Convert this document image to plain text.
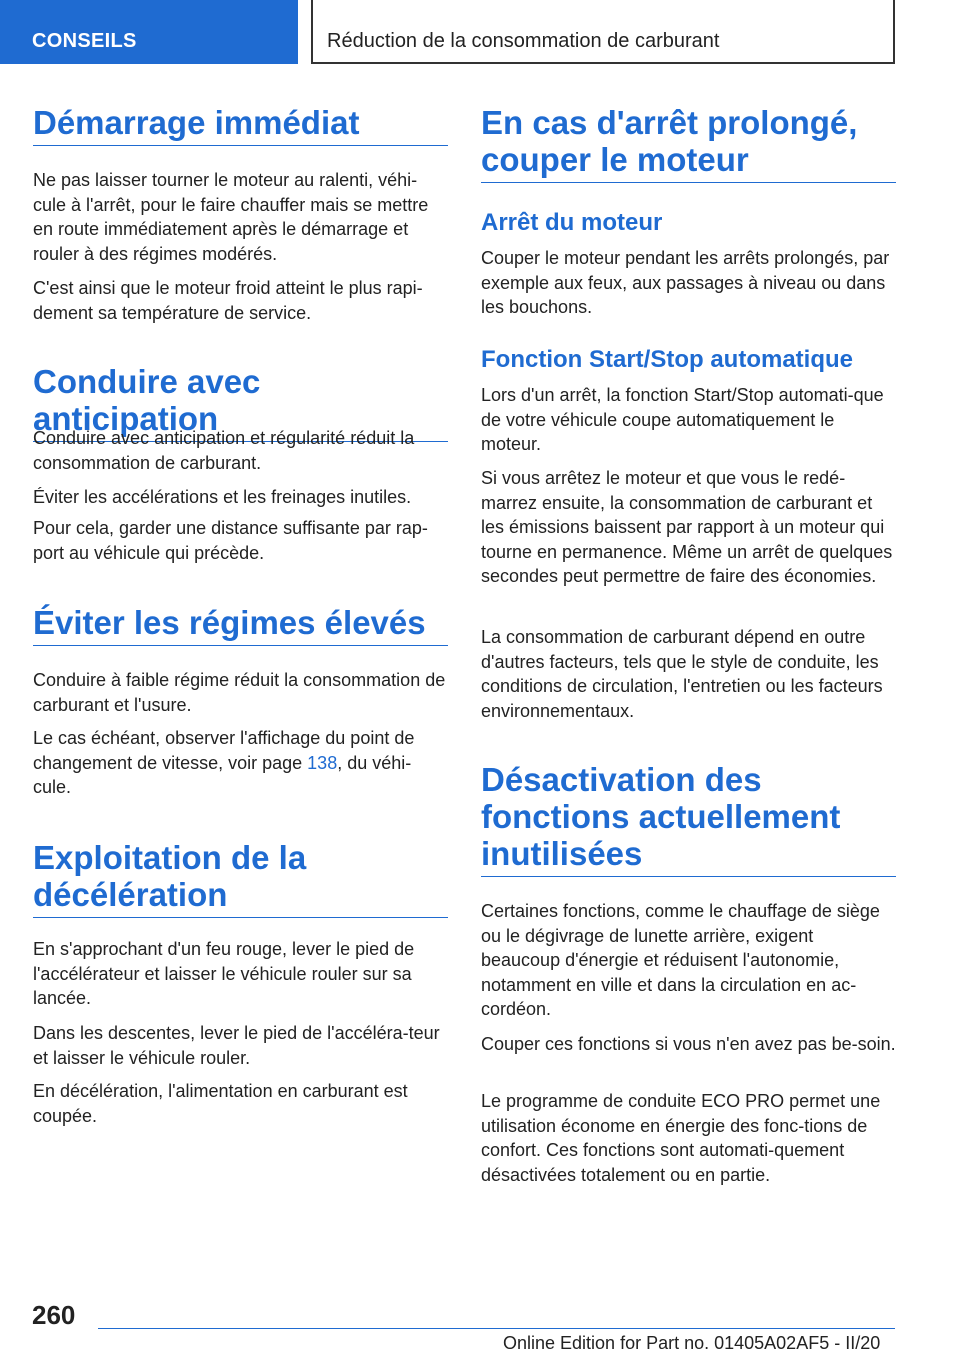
CONSEILS	Réduction de la consommation de carburant
Démarrage immédiat

Ne pas laisser tourner le moteur au ralenti, véhi‐cule à l'arrêt, pour le faire chauffer mais se mettre en route immédiatement après le démarrage et rouler à des régimes modérés.

C'est ainsi que le moteur froid atteint le plus rapi‐dement sa température de service.

Conduire avec anticipation

Conduire avec anticipation et régularité réduit la consommation de carburant.

Éviter les accélérations et les freinages inutiles.

Pour cela, garder une distance suffisante par rap‐port au véhicule qui précède.

Éviter les régimes élevés

Conduire à faible régime réduit la consommation de carburant et l'usure.

Le cas échéant, observer l'affichage du point de changement de vitesse, voir page 138, du véhi‐cule.

Exploitation de la décélération

En s'approchant d'un feu rouge, lever le pied de l'accélérateur et laisser le véhicule rouler sur sa lancée.

Dans les descentes, lever le pied de l'accéléra‐teur et laisser le véhicule rouler.

En décélération, l'alimentation en carburant est coupée.

En cas d'arrêt prolongé, couper le moteur
Arrêt du moteur

Couper le moteur pendant les arrêts prolongés, par exemple aux feux, aux passages à niveau ou dans les bouchons.

Fonction Start/Stop automatique

Lors d'un arrêt, la fonction Start/Stop automati‐que de votre véhicule coupe automatiquement le moteur.

Si vous arrêtez le moteur et que vous le redé‐marrez ensuite, la consommation de carburant et les émissions baissent par rapport à un moteur qui tourne en permanence. Même un arrêt de quelques secondes peut permettre de faire des économies.

La consommation de carburant dépend en outre d'autres facteurs, tels que le style de conduite, les conditions de circulation, l'entretien ou les facteurs environnementaux.

Désactivation des fonctions actuellement inutilisées

Certaines fonctions, comme le chauffage de siège ou le dégivrage de lunette arrière, exigent beaucoup d'énergie et réduisent l'autonomie, notamment en ville et dans la circulation en ac‐cordéon.

Couper ces fonctions si vous n'en avez pas be‐soin.

Le programme de conduite ECO PRO permet une utilisation économe en énergie des fonc‐tions de confort. Ces fonctions sont automati‐quement désactivées totalement ou en partie.

260
Online Edition for Part no. 01405A02AF5 - II/20
